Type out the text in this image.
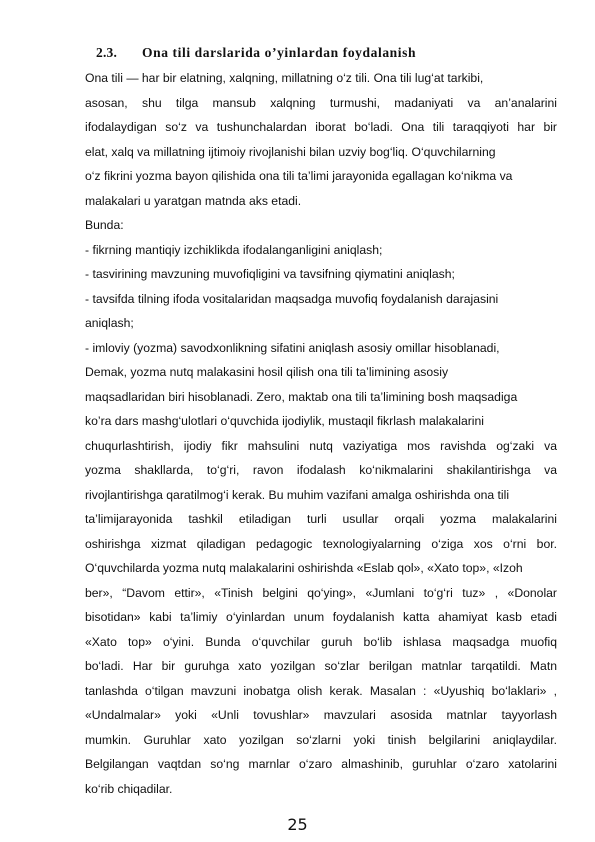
2.3. Ona tili darslarida o’yinlardan foydalanish
Ona tili — har bir elatning, xalqning, millatning o‘z tili. Ona tili lug‘at tarkibi,
asosan, shu tilga mansub xalqning turmushi, madaniyati va an’analarini
ifodalaydigan so‘z va tushunchalardan iborat bo‘ladi. Ona tili taraqqiyoti har bir
elat, xalq va millatning ijtimoiy rivojlanishi bilan uzviy bog‘liq. O‘quvchilarning
o‘z fikrini yozma bayon qilishida ona tili ta’limi jarayonida egallagan ko‘nikma va
malakalari u yaratgan matnda aks etadi.
Bunda:
- fikrning mantiqiy izchiklikda ifodalanganligini aniqlash;
- tasvirining mavzuning muvofiqligini va tavsifning qiymatini aniqlash;
- tavsifda tilning ifoda vositalaridan maqsadga muvofiq foydalanish darajasini
aniqlash;
- imloviy (yozma) savodxonlikning sifatini aniqlash asosiy omillar hisoblanadi,
Demak, yozma nutq malakasini hosil qilish ona tili ta’limining asosiy
maqsadlaridan biri hisoblanadi. Zero, maktab ona tili ta’limining bosh maqsadiga
ko’ra dars mashg‘ulotlari o‘quvchida ijodiylik, mustaqil fikrlash malakalarini
chuqurlashtirish, ijodiy fikr mahsulini nutq vaziyatiga mos ravishda og‘zaki va
yozma shakllarda, to‘g‘ri, ravon ifodalash ko‘nikmalarini shakilantirishga va
rivojlantirishga qaratilmog‘i kerak. Bu muhim vazifani amalga oshirishda ona tili
ta’limijarayonida tashkil etiladigan turli usullar orqali yozma malakalarini
oshirishga xizmat qiladigan pedagogic texnologiyalarning o‘ziga xos o‘rni bor.
O‘quvchilarda yozma nutq malakalarini oshirishda «Eslab qol», «Xato top», «Izoh
ber», “Davom ettir», «Tinish belgini qo‘ying», «Jumlani to‘g‘ri tuz» , «Donolar
bisotidan» kabi ta’limiy o‘yinlardan unum foydalanish katta ahamiyat kasb etadi
«Xato top» o‘yini. Bunda o‘quvchilar guruh bo‘lib ishlasa maqsadga muofiq
bo‘ladi. Har bir guruhga xato yozilgan so‘zlar berilgan matnlar tarqatildi. Matn
tanlashda o‘tilgan mavzuni inobatga olish kerak. Masalan : «Uyushiq bo‘laklari» ,
«Undalmalar» yoki «Unli tovushlar» mavzulari asosida matnlar tayyorlash
mumkin. Guruhlar xato yozilgan so‘zlarni yoki tinish belgilarini aniqlaydilar.
Belgilangan vaqtdan so‘ng marnlar o‘zaro almashinib, guruhlar o‘zaro xatolarini
ko‘rib chiqadilar.
25
